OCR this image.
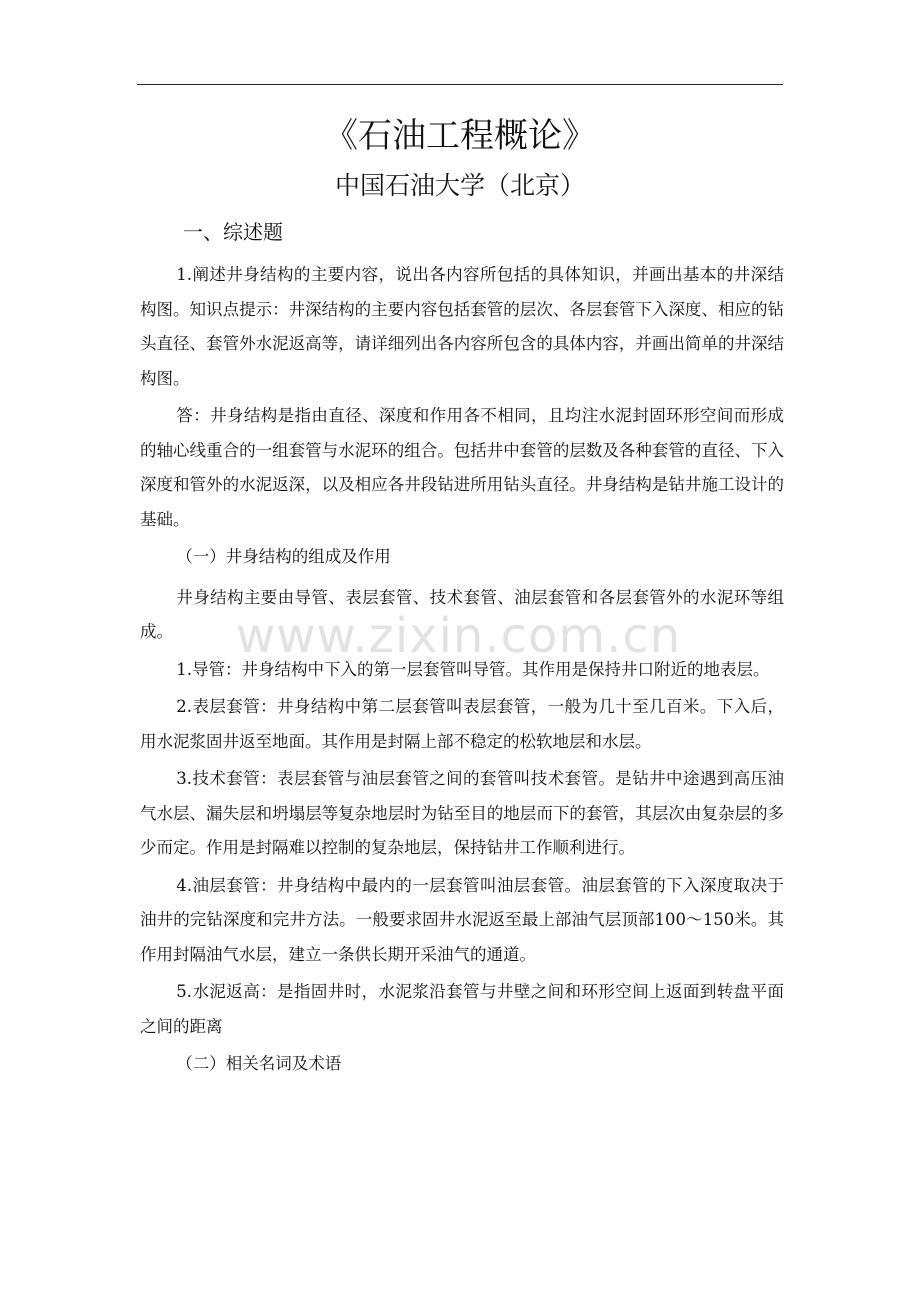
《石油工程概论》
中国石油大学（北京）
一、综述题

1.阐述井身结构的主要内容，说出各内容所包括的具体知识，并画出基本的井深结构图。知识点提示：井深结构的主要内容包括套管的层次、各层套管下入深度、相应的钻头直径、套管外水泥返高等，请详细列出各内容所包含的具体内容，并画出简单的井深结构图。

答：井身结构是指由直径、深度和作用各不相同，且均注水泥封固环形空间而形成的轴心线重合的一组套管与水泥环的组合。包括井中套管的层数及各种套管的直径、下入深度和管外的水泥返深，以及相应各井段钻进所用钻头直径。井身结构是钻井施工设计的基础。

（一）井身结构的组成及作用

井身结构主要由导管、表层套管、技术套管、油层套管和各层套管外的水泥环等组成。

1.导管：井身结构中下入的第一层套管叫导管。其作用是保持井口附近的地表层。

2.表层套管：井身结构中第二层套管叫表层套管，一般为几十至几百米。下入后，用水泥浆固井返至地面。其作用是封隔上部不稳定的松软地层和水层。

3.技术套管：表层套管与油层套管之间的套管叫技术套管。是钻井中途遇到高压油气水层、漏失层和坍塌层等复杂地层时为钻至目的地层而下的套管，其层次由复杂层的多少而定。作用是封隔难以控制的复杂地层，保持钻井工作顺利进行。

4.油层套管：井身结构中最内的一层套管叫油层套管。油层套管的下入深度取决于油井的完钻深度和完井方法。一般要求固井水泥返至最上部油气层顶部100～150米。其作用封隔油气水层，建立一条供长期开采油气的通道。

5.水泥返高：是指固井时，水泥浆沿套管与井壁之间和环形空间上返面到转盘平面之间的距离

（二）相关名词及术语

www.zixin.com.cn
